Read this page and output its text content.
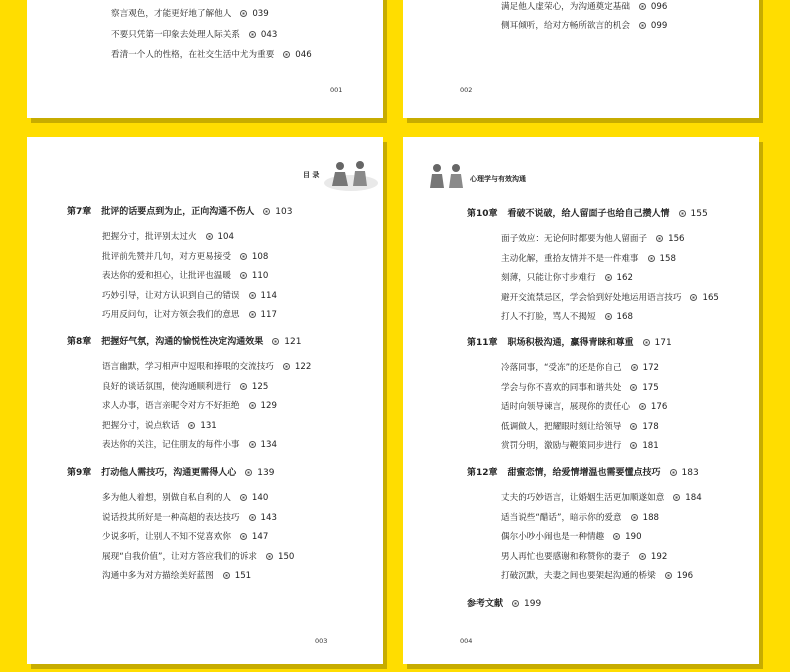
察言观色，才能更好地了解他人 039
不要只凭第一印象去处理人际关系 043
看清一个人的性格，在社交生活中尤为重要 046
001
满足他人虚荣心，为沟通奠定基础 096
侧耳倾听，给对方畅所欲言的机会 099
002
目 录
第7章 批评的话要点到为止，正向沟通不伤人 103
把握分寸，批评别太过火 104
批评前先赞并几句，对方更易接受 108
表达你的爱和担心，让批评也温暖 110
巧妙引导，让对方认识到自己的错误 114
巧用反问句，让对方领会我们的意思 117
第8章 把握好气氛，沟通的愉悦性决定沟通效果 121
语言幽默，学习相声中逗哏和捧哏的交流技巧 122
良好的谈话氛围，使沟通顺利进行 125
求人办事，语言亲昵令对方不好拒绝 129
把握分寸，说点软话 131
表达你的关注，记住朋友的每件小事 134
第9章 打动他人需技巧，沟通更需得人心 139
多为他人着想，别做自私自利的人 140
说话投其所好是一种高超的表达技巧 143
少说多听，让别人不知不觉喜欢你 147
展现“自我价值”，让对方答应我们的诉求 150
沟通中多为对方描绘美好蓝图 151
003
心理学与有效沟通
第10章 看破不说破，给人留面子也给自己攒人情 155
面子效应：无论何时都要为他人留面子 156
主动化解，重拾友情并不是一件难事 158
刻薄，只能让你寸步难行 162
避开交流禁忌区，学会恰到好处地运用语言技巧 165
打人不打脸，骂人不揭短 168
第11章 职场积极沟通，赢得青睐和尊重 171
冷落同事，“受冻”的还是你自己 172
学会与你不喜欢的同事和谐共处 175
适时向领导谏言，展现你的责任心 176
低调做人，把耀眼时刻让给领导 178
赏罚分明，激励与鞭策同步进行 181
第12章 甜蜜恋情，给爱情增温也需要懂点技巧 183
丈夫的巧妙语言，让婚姻生活更加顺遂如意 184
适当说些“醋话”，暗示你的爱意 188
偶尔小吵小闹也是一种情趣 190
男人再忙也要感谢和称赞你的妻子 192
打破沉默，夫妻之间也要架起沟通的桥梁 196
参考文献 199
004
